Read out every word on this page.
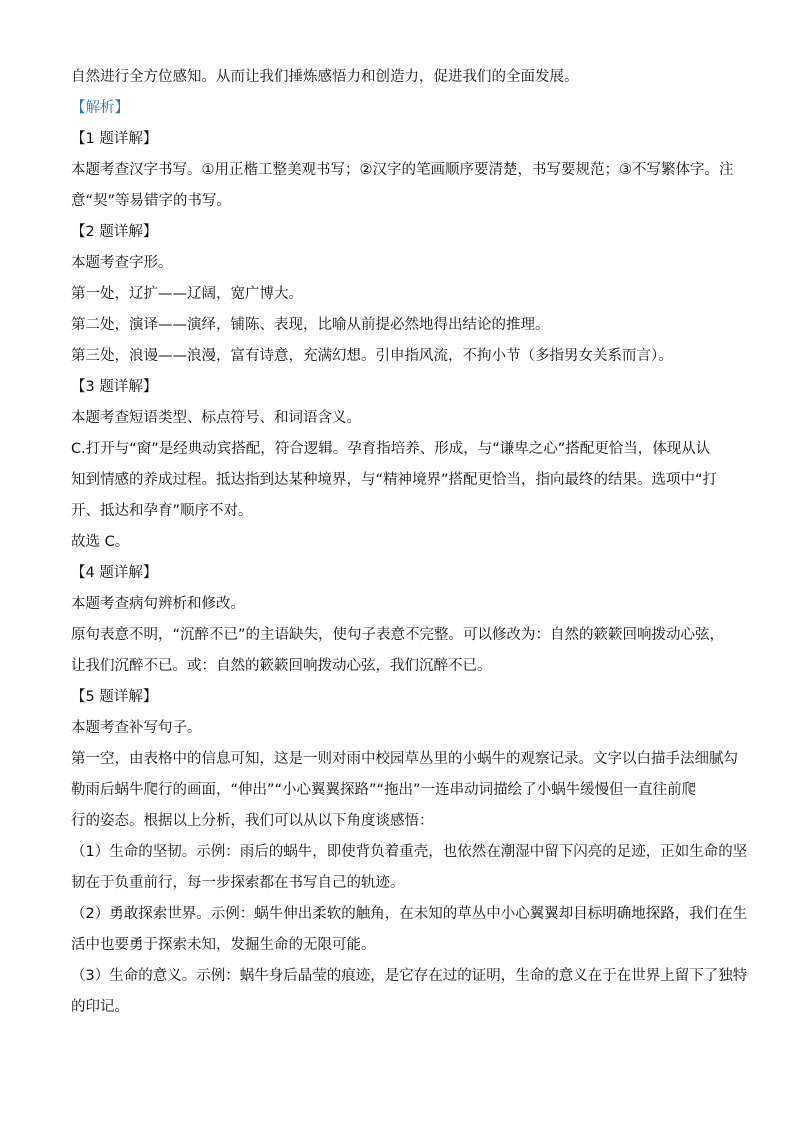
自然进行全方位感知。从而让我们捶炼感悟力和创造力，促进我们的全面发展。
【解析】
【1 题详解】
本题考查汉字书写。①用正楷工整美观书写；②汉字的笔画顺序要清楚，书写要规范；③不写繁体字。注
意“契”等易错字的书写。
【2 题详解】
本题考查字形。
第一处，辽扩——辽阔，宽广博大。
第二处，演译——演绎，铺陈、表现，比喻从前提必然地得出结论的推理。
第三处，浪谩——浪漫，富有诗意，充满幻想。引申指风流，不拘小节（多指男女关系而言）。
【3 题详解】
本题考查短语类型、标点符号、和词语含义。
C.打开与“窗”是经典动宾搭配，符合逻辑。孕育指培养、形成，与“谦卑之心”搭配更恰当，体现从认
知到情感的养成过程。抵达指到达某种境界，与“精神境界”搭配更恰当，指向最终的结果。选项中“打
开、抵达和孕育”顺序不对。
故选 C。
【4 题详解】
本题考查病句辨析和修改。
原句表意不明，“沉醉不已”的主语缺失，使句子表意不完整。可以修改为：自然的簌簌回响拨动心弦，
让我们沉醉不已。或：自然的簌簌回响拨动心弦，我们沉醉不已。
【5 题详解】
本题考查补写句子。
第一空，由表格中的信息可知，这是一则对雨中校园草丛里的小蜗牛的观察记录。文字以白描手法细腻勾
勒雨后蜗牛爬行的画面，“伸出”“小心翼翼探路”“拖出”一连串动词描绘了小蜗牛缓慢但一直往前爬
行的姿态。根据以上分析，我们可以从以下角度谈感悟：
（1）生命的坚韧。示例：雨后的蜗牛，即使背负着重壳，也依然在潮湿中留下闪亮的足迹，正如生命的坚
韧在于负重前行，每一步探索都在书写自己的轨迹。
（2）勇敢探索世界。示例：蜗牛伸出柔软的触角，在未知的草丛中小心翼翼却目标明确地探路，我们在生
活中也要勇于探索未知，发掘生命的无限可能。
（3）生命的意义。示例：蜗牛身后晶莹的痕迹，是它存在过的证明，生命的意义在于在世界上留下了独特
的印记。
